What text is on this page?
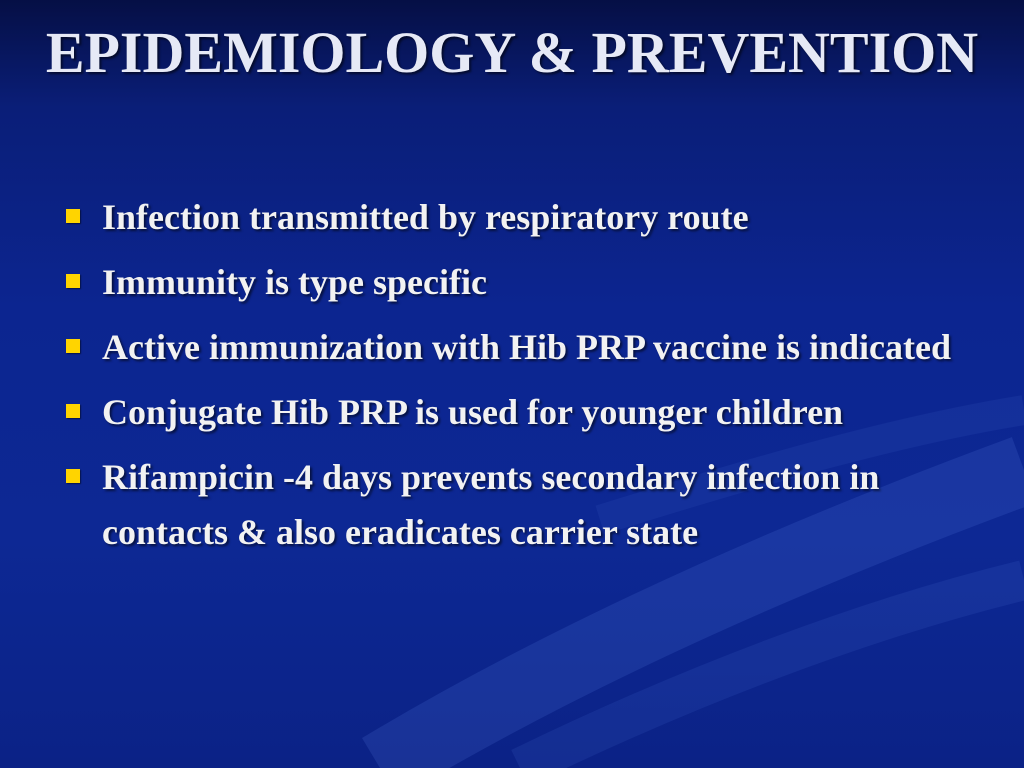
EPIDEMIOLOGY & PREVENTION
Infection transmitted by respiratory route
Immunity is type specific
Active immunization with Hib PRP vaccine is indicated
Conjugate Hib PRP is used for younger children
Rifampicin -4 days prevents secondary infection in contacts & also eradicates carrier state
